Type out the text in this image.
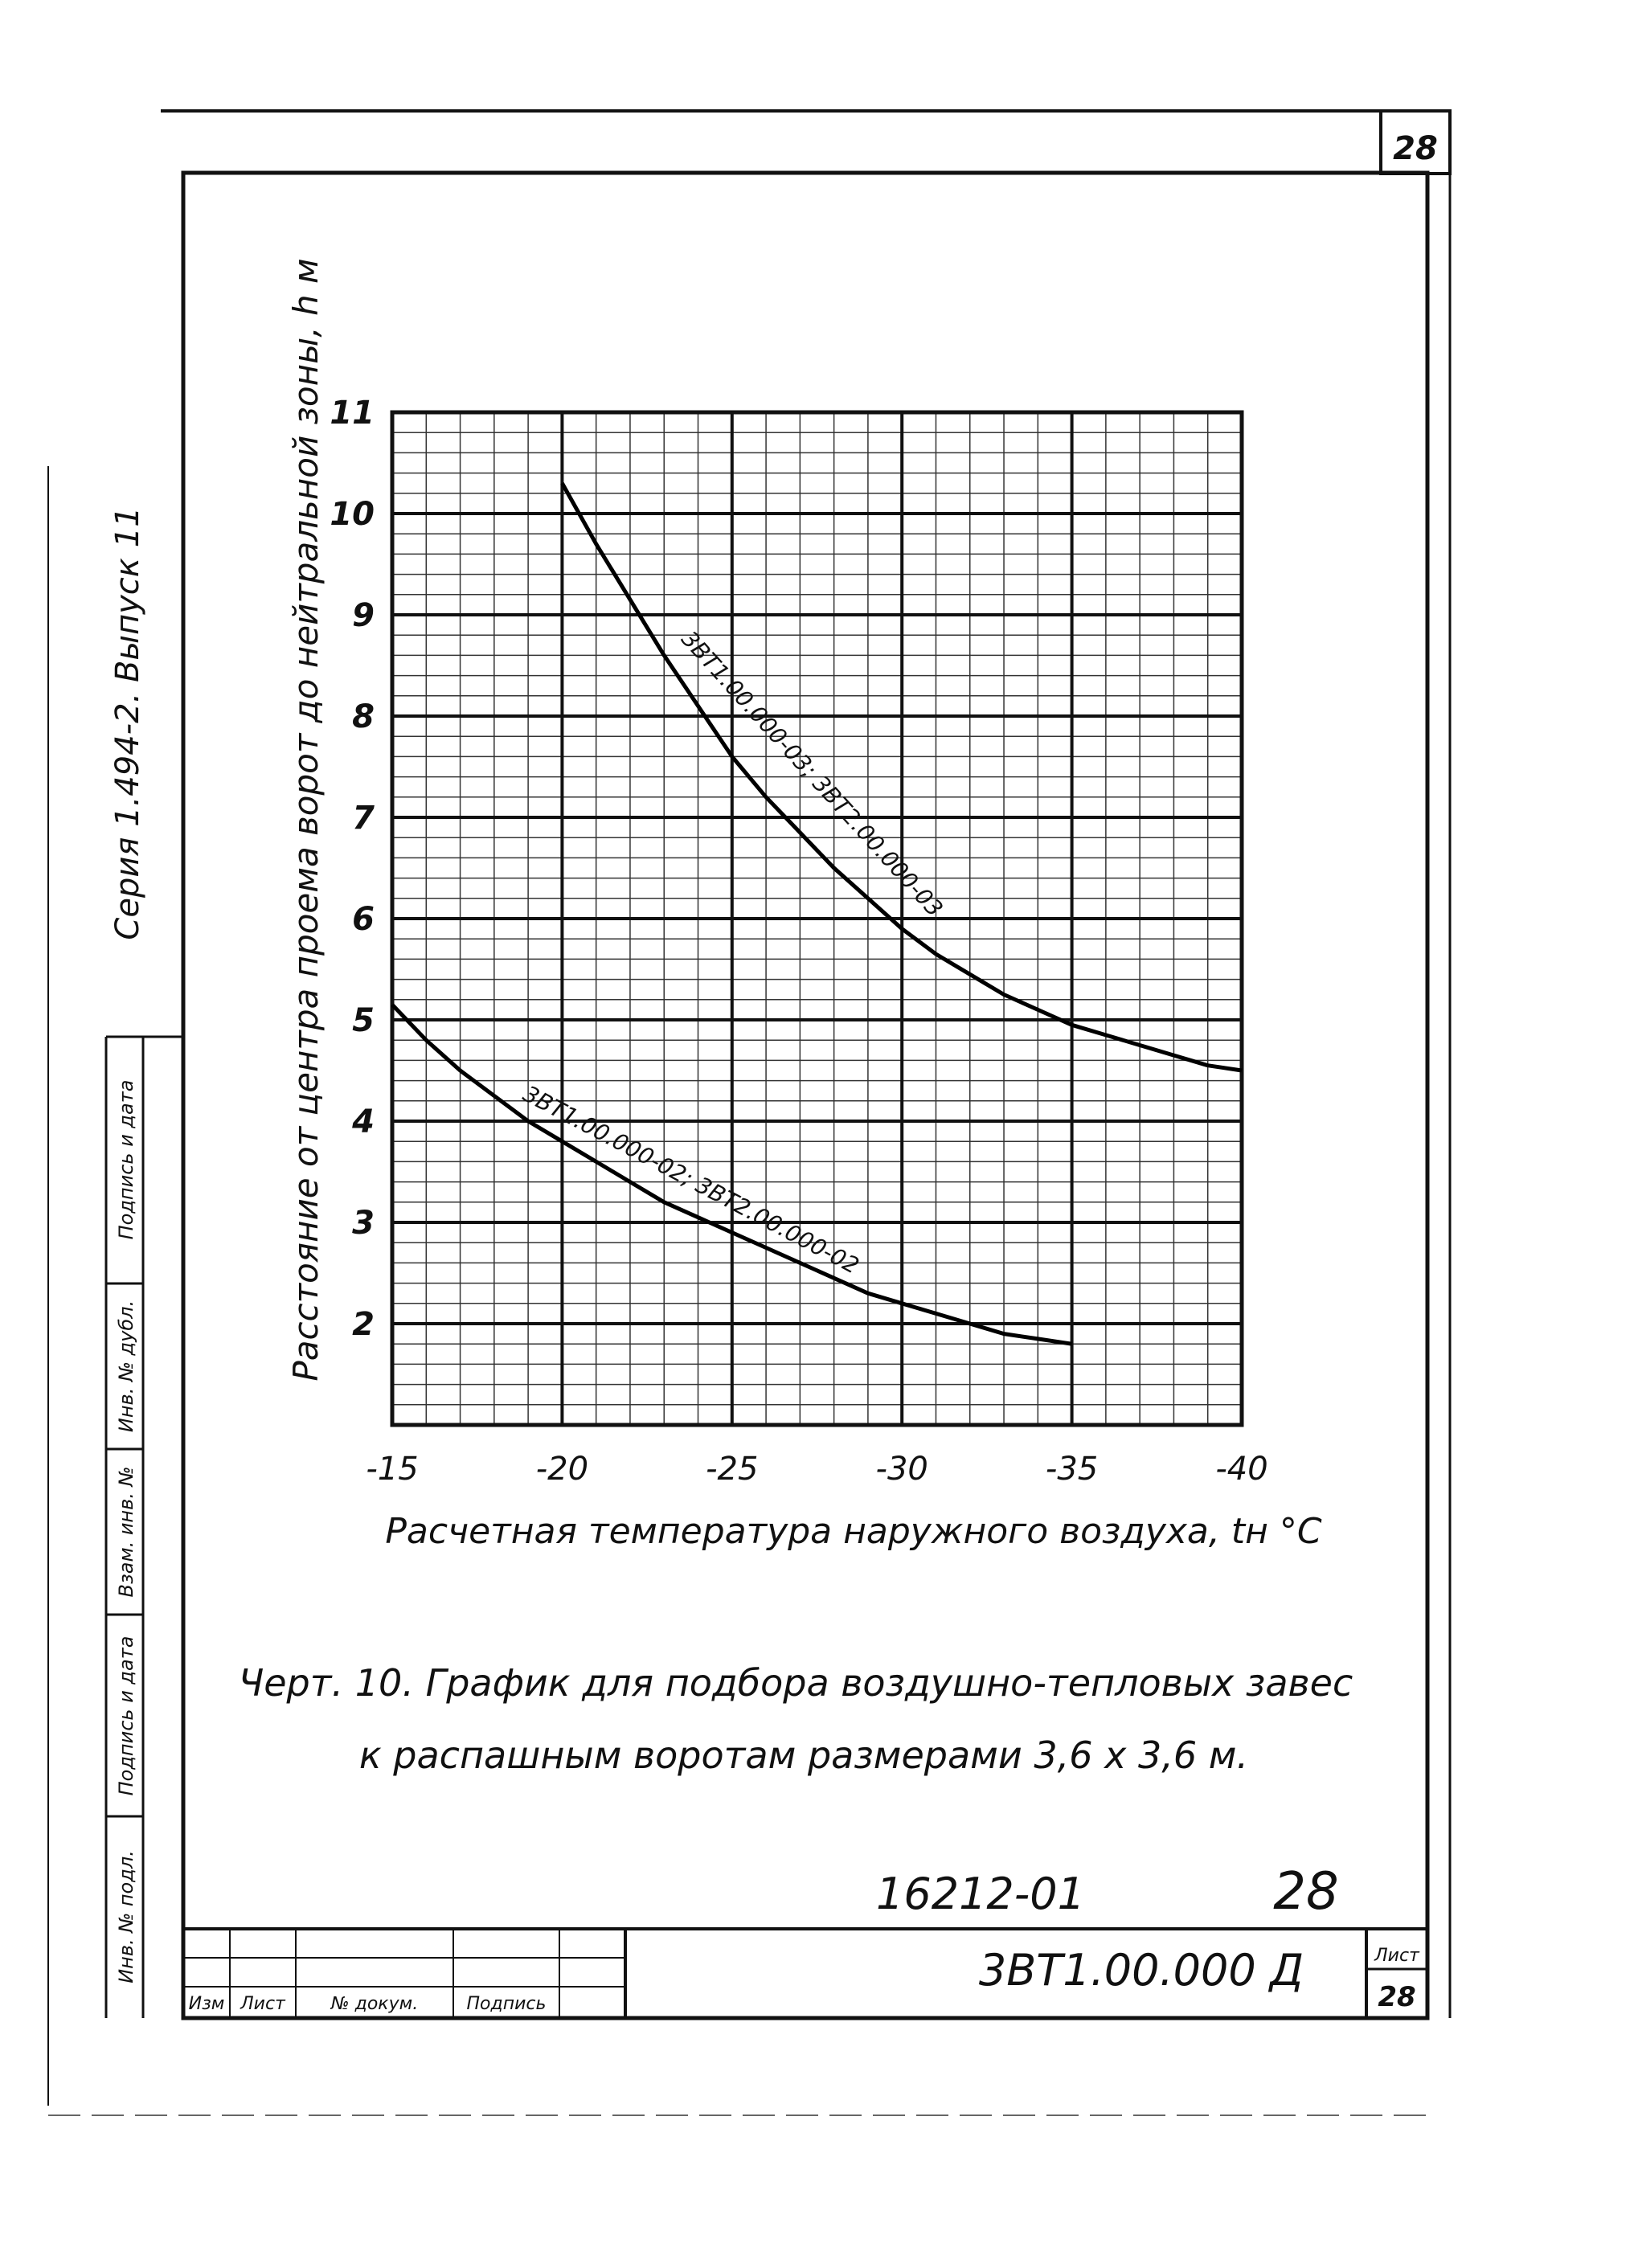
28
Инв. № подл.
Подпись и дата
Взам. инв. №
Инв. № дубл.
Подпись и дата
Серия 1.494-2. Выпуск 11	3ВТ1.00.000-03; 3ВТ2.00.000-03
3ВТ1.00.000-02; 3ВТ2.00.000-02
-15	-20	-25	-30	-35	-40
2
3
4
5
6
7
8
9
10
11
Расчетная температура наружного воздуха, tн °С
Расстояние от центра проема ворот до нейтральной зоны, h м
Черт. 10. График для подбора воздушно-тепловых завес
к распашным воротам размерами 3,6 х 3,6 м.
16212-01	28
Изм Лист	№ докум.	Подпись
3ВТ1.00.000 Д	Лист
28
